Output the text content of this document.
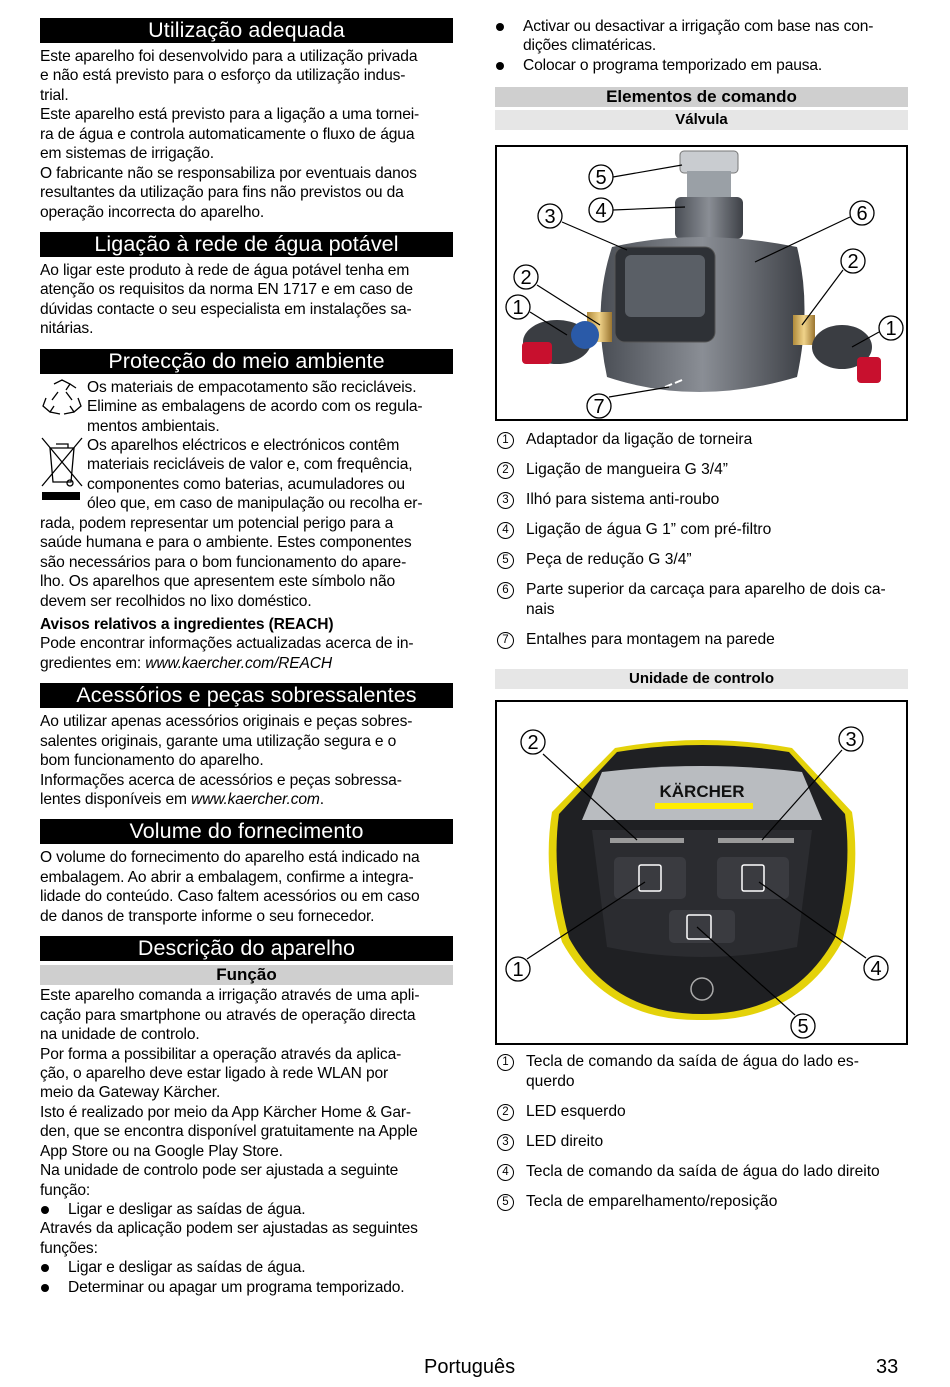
Utilização adequada
Este aparelho foi desenvolvido para a utilização privada
e não está previsto para o esforço da utilização indus-
trial.
Este aparelho está previsto para a ligação a uma tornei-
ra de água e controla automaticamente o fluxo de água
em sistemas de irrigação.
O fabricante não se responsabiliza por eventuais danos
resultantes da utilização para fins não previstos ou da
operação incorrecta do aparelho.
Ligação à rede de água potável
Ao ligar este produto à rede de água potável tenha em
atenção os requisitos da norma EN 1717 e em caso de
dúvidas contacte o seu especialista em instalações sa-
nitárias.
Protecção do meio ambiente
Os materiais de empacotamento são recicláveis.
Elimine as embalagens de acordo com os regula-
mentos ambientais.
Os aparelhos eléctricos e electrónicos contêm
materiais recicláveis de valor e, com frequência,
componentes como baterias, acumuladores ou
óleo que, em caso de manipulação ou recolha er-
rada, podem representar um potencial perigo para a
saúde humana e para o ambiente. Estes componentes
são necessários para o bom funcionamento do apare-
lho. Os aparelhos que apresentem este símbolo não
devem ser recolhidos no lixo doméstico.
Avisos relativos a ingredientes (REACH)
Pode encontrar informações actualizadas acerca de in-
gredientes em: www.kaercher.com/REACH
Acessórios e peças sobressalentes
Ao utilizar apenas acessórios originais e peças sobres-
salentes originais, garante uma utilização segura e o
bom funcionamento do aparelho.
Informações acerca de acessórios e peças sobressa-
lentes disponíveis em www.kaercher.com.
Volume do fornecimento
O volume do fornecimento do aparelho está indicado na
embalagem. Ao abrir a embalagem, confirme a integra-
lidade do conteúdo. Caso faltem acessórios ou em caso
de danos de transporte informe o seu fornecedor.
Descrição do aparelho
Função
Este aparelho comanda a irrigação através de uma apli-
cação para smartphone ou através de operação directa
na unidade de controlo.
Por forma a possibilitar a operação através da aplica-
ção, o aparelho deve estar ligado à rede WLAN por
meio da Gateway Kärcher.
Isto é realizado por meio da App Kärcher Home & Gar-
den, que se encontra disponível gratuitamente na Apple
App Store ou na Google Play Store.
Na unidade de controlo pode ser ajustada a seguinte
função:
Ligar e desligar as saídas de água.
Através da aplicação podem ser ajustadas as seguintes
funções:
Ligar e desligar as saídas de água.
Determinar ou apagar um programa temporizado.
Activar ou desactivar a irrigação com base nas con-
dições climatéricas.
Colocar o programa temporizado em pausa.
Elementos de comando
Válvula
5
4
3	6
2
2
1
1
7
1	Adaptador da ligação de torneira

2	Ligação de mangueira G 3/4”

3	Ilhó para sistema anti-roubo

4	Ligação de água G 1” com pré-filtro

5	Peça de redução G 3/4”

6	Parte superior da carcaça para aparelho de dois ca-
nais

7	Entalhes para montagem na parede

Unidade de controlo
KÄRCHER
2	3
1	4
5
1	Tecla de comando da saída de água do lado es-
querdo

2	LED esquerdo

3	LED direito

4	Tecla de comando da saída de água do lado direito

5	Tecla de emparelhamento/reposição

Português	33
